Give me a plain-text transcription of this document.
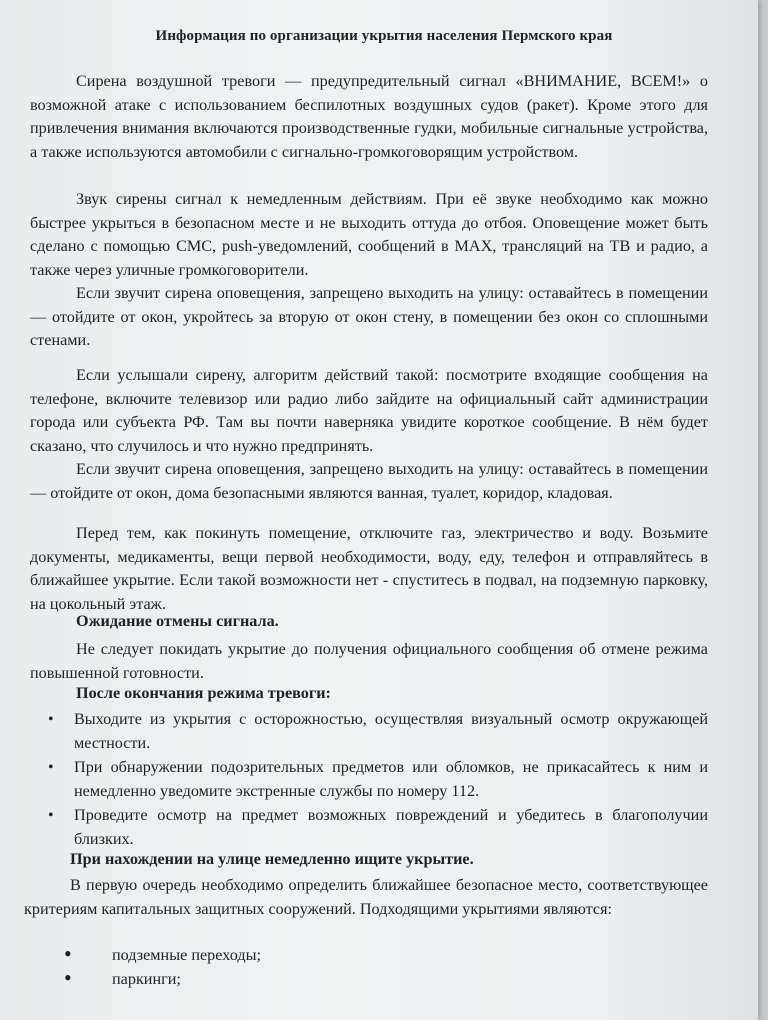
Информация по организации укрытия населения Пермского края

Сирена воздушной тревоги — предупредительный сигнал «ВНИМАНИЕ, ВСЕМ!» о возможной атаке с использованием беспилотных воздушных судов (ракет). Кроме этого для привлечения внимания включаются производственные гудки, мобильные сигнальные устройства, а также используются автомобили с сигнально-громкоговорящим устройством.

Звук сирены сигнал к немедленным действиям. При её звуке необходимо как можно быстрее укрыться в безопасном месте и не выходить оттуда до отбоя. Оповещение может быть сделано с помощью СМС, push-уведомлений, сообщений в MAX, трансляций на ТВ и радио, а также через уличные громкоговорители.

Если звучит сирена оповещения, запрещено выходить на улицу: оставайтесь в помещении — отойдите от окон, укройтесь за вторую от окон стену, в помещении без окон со сплошными стенами.

Если услышали сирену, алгоритм действий такой: посмотрите входящие сообщения на телефоне, включите телевизор или радио либо зайдите на официальный сайт администрации города или субъекта РФ. Там вы почти наверняка увидите короткое сообщение. В нём будет сказано, что случилось и что нужно предпринять.

Если звучит сирена оповещения, запрещено выходить на улицу: оставайтесь в помещении — отойдите от окон, дома безопасными являются ванная, туалет, коридор, кладовая.

Перед тем, как покинуть помещение, отключите газ, электричество и воду. Возьмите документы, медикаменты, вещи первой необходимости, воду, еду, телефон и отправляйтесь в ближайшее укрытие. Если такой возможности нет - спуститесь в подвал, на подземную парковку, на цокольный этаж.

Ожидание отмены сигнала.

Не следует покидать укрытие до получения официального сообщения об отмене режима повышенной готовности.

После окончания режима тревоги:
• Выходите из укрытия с осторожностью, осуществляя визуальный осмотр окружающей местности.
• При обнаружении подозрительных предметов или обломков, не прикасайтесь к ним и немедленно уведомите экстренные службы по номеру 112.
• Проведите осмотр на предмет возможных повреждений и убедитесь в благополучии близких.
При нахождении на улице немедленно ищите укрытие.

В первую очередь необходимо определить ближайшее безопасное место, соответствующее критериям капитальных защитных сооружений. Подходящими укрытиями являются:

• подземные переходы;
• паркинги;
